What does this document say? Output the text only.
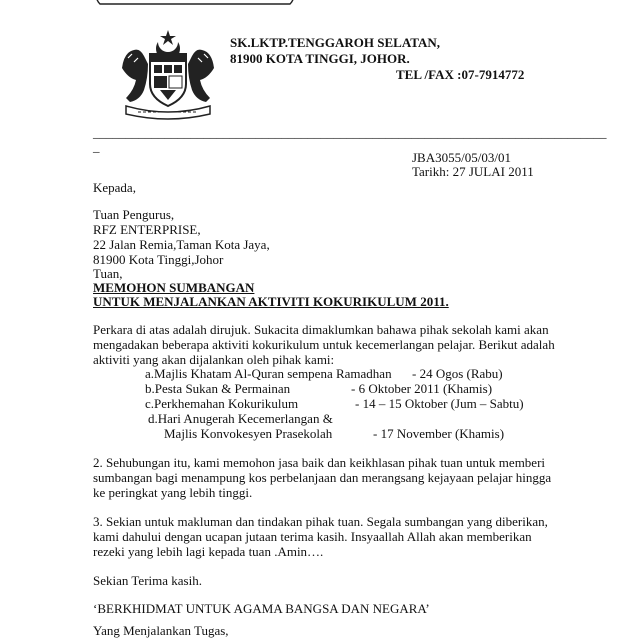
SK.LKTP.TENGGAROH SELATAN,
81900 KOTA TINGGI, JOHOR.
TEL /FAX :07-7914772
_______________________________________________________________________________
_
JBA3055/05/03/01
Tarikh: 27 JULAI 2011
Kepada,
Tuan Pengurus,
RFZ ENTERPRISE,
22 Jalan Remia,Taman Kota Jaya,
81900 Kota Tinggi,Johor
Tuan,
MEMOHON SUMBANGAN
UNTUK MENJALANKAN AKTIVITI KOKURIKULUM 2011.
Perkara di atas adalah dirujuk. Sukacita dimaklumkan bahawa pihak sekolah kami akan
mengadakan beberapa aktiviti kokurikulum untuk kecemerlangan pelajar. Berikut adalah
aktiviti yang akan dijalankan oleh pihak kami:
a.Majlis Khatam Al-Quran sempena Ramadhan - 24 Ogos (Rabu)
b.Pesta Sukan & Permainan	- 6 Oktober 2011 (Khamis)
c.Perkhemahan Kokurikulum	- 14 – 15 Oktober (Jum – Sabtu)
d.Hari Anugerah Kecemerlangan &
Majlis Konvokesyen Prasekolah	- 17 November (Khamis)
2. Sehubungan itu, kami memohon jasa baik dan keikhlasan pihak tuan untuk memberi
sumbangan bagi menampung kos perbelanjaan dan merangsang kejayaan pelajar hingga
ke peringkat yang lebih tinggi.
3. Sekian untuk makluman dan tindakan pihak tuan. Segala sumbangan yang diberikan,
kami dahului dengan ucapan jutaan terima kasih. Insyaallah Allah akan memberikan
rezeki yang lebih lagi kepada tuan .Amin….
Sekian Terima kasih.
‘BERKHIDMAT UNTUK AGAMA BANGSA DAN NEGARA’
Yang Menjalankan Tugas,
